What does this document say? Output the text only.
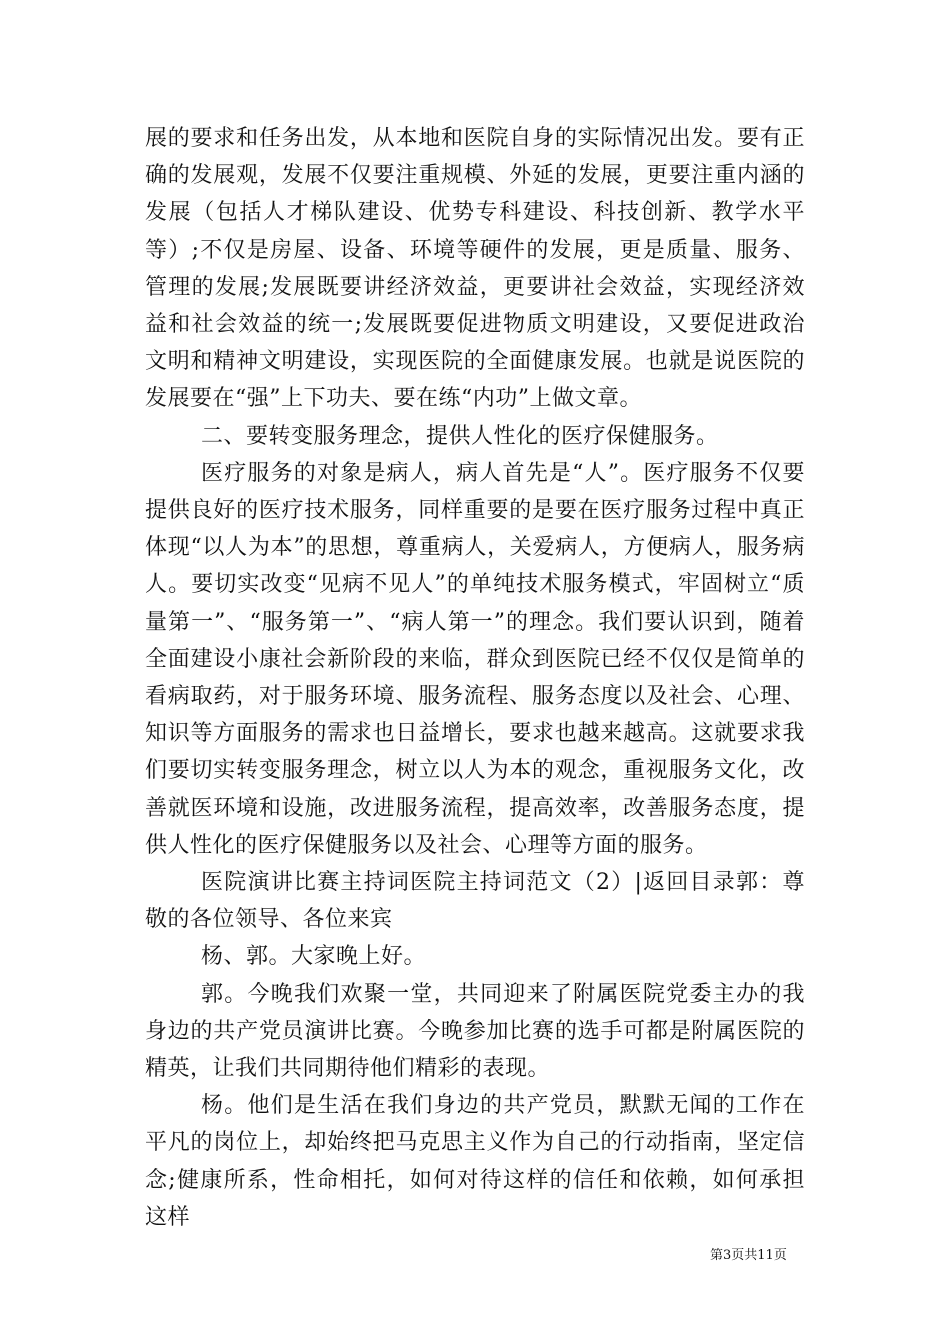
展的要求和任务出发，从本地和医院自身的实际情况出发。要有正确的发展观，发展不仅要注重规模、外延的发展，更要注重内涵的发展（包括人才梯队建设、优势专科建设、科技创新、教学水平等）;不仅是房屋、设备、环境等硬件的发展，更是质量、服务、管理的发展;发展既要讲经济效益，更要讲社会效益，实现经济效益和社会效益的统一;发展既要促进物质文明建设，又要促进政治文明和精神文明建设，实现医院的全面健康发展。也就是说医院的发展要在“强”上下功夫、要在练“内功”上做文章。

二、要转变服务理念，提供人性化的医疗保健服务。

医疗服务的对象是病人，病人首先是“人”。医疗服务不仅要提供良好的医疗技术服务，同样重要的是要在医疗服务过程中真正体现“以人为本”的思想，尊重病人，关爱病人，方便病人，服务病人。要切实改变“见病不见人”的单纯技术服务模式，牢固树立“质量第一”、“服务第一”、“病人第一”的理念。我们要认识到，随着全面建设小康社会新阶段的来临，群众到医院已经不仅仅是简单的看病取药，对于服务环境、服务流程、服务态度以及社会、心理、知识等方面服务的需求也日益增长，要求也越来越高。这就要求我们要切实转变服务理念，树立以人为本的观念，重视服务文化，改善就医环境和设施，改进服务流程，提高效率，改善服务态度，提供人性化的医疗保健服务以及社会、心理等方面的服务。

医院演讲比赛主持词医院主持词范文（2）|返回目录郭：尊敬的各位领导、各位来宾

杨、郭。大家晚上好。

郭。今晚我们欢聚一堂，共同迎来了附属医院党委主办的我身边的共产党员演讲比赛。今晚参加比赛的选手可都是附属医院的精英，让我们共同期待他们精彩的表现。

杨。他们是生活在我们身边的共产党员，默默无闻的工作在平凡的岗位上，却始终把马克思主义作为自己的行动指南，坚定信念;健康所系，性命相托，如何对待这样的信任和依赖，如何承担这样

第3页共11页
